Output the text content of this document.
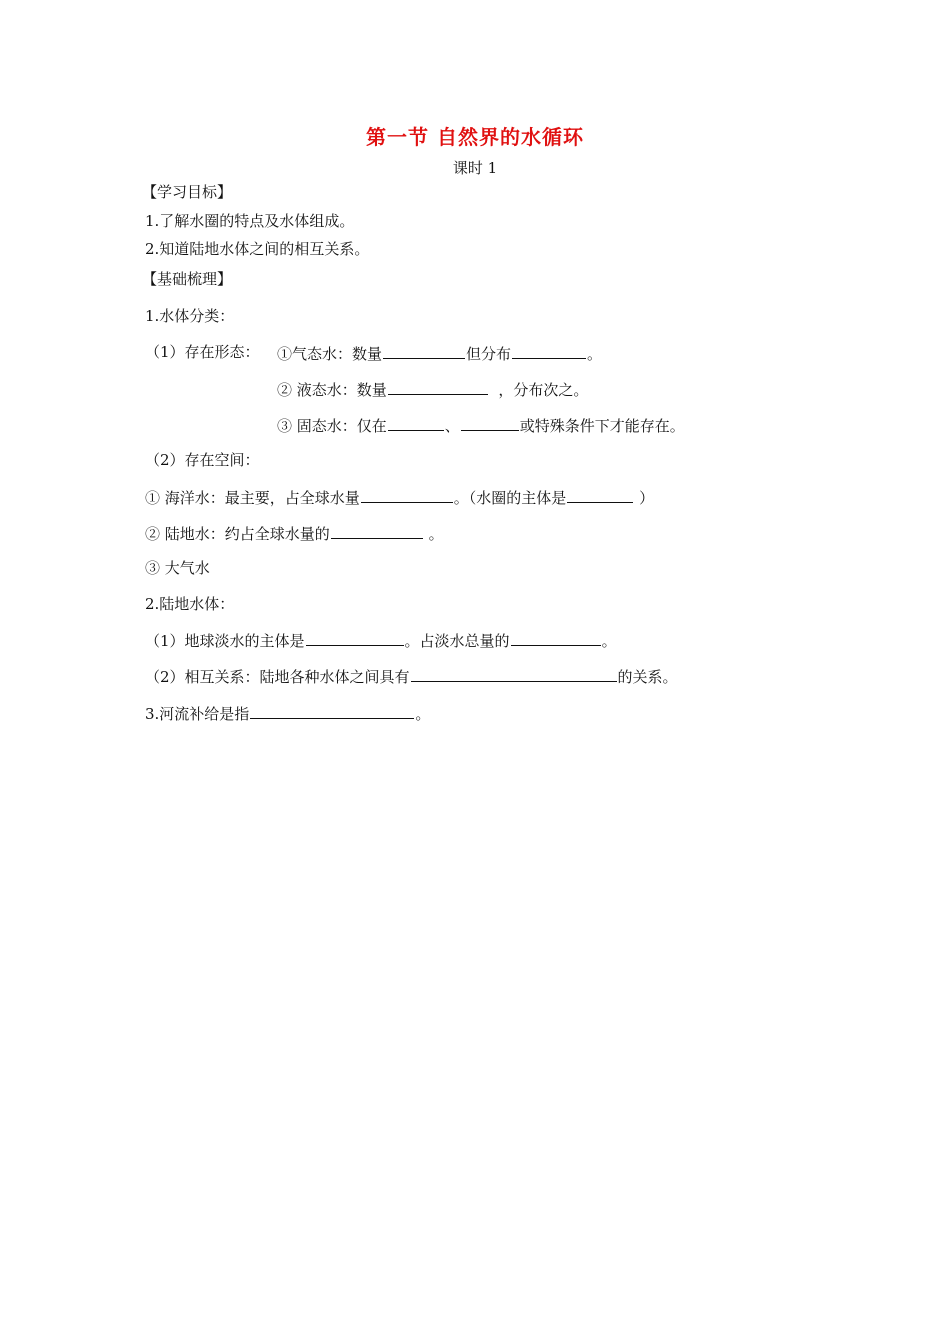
第一节 自然界的水循环
课时 1
【学习目标】
1.了解水圈的特点及水体组成。
2.知道陆地水体之间的相互关系。
【基础梳理】
1.水体分类：
（1）存在形态： ①气态水：数量	但分布	。
② 液态水：数量	，分布次之。
③ 固态水：仅在	、	或特殊条件下才能存在。
（2）存在空间：
① 海洋水：最主要，占全球水量	。（水圈的主体是	）
② 陆地水：约占全球水量的	。
③ 大气水
2.陆地水体：
（1）地球淡水的主体是	。占淡水总量的	。
（2）相互关系：陆地各种水体之间具有	的关系。
3.河流补给是指	。
